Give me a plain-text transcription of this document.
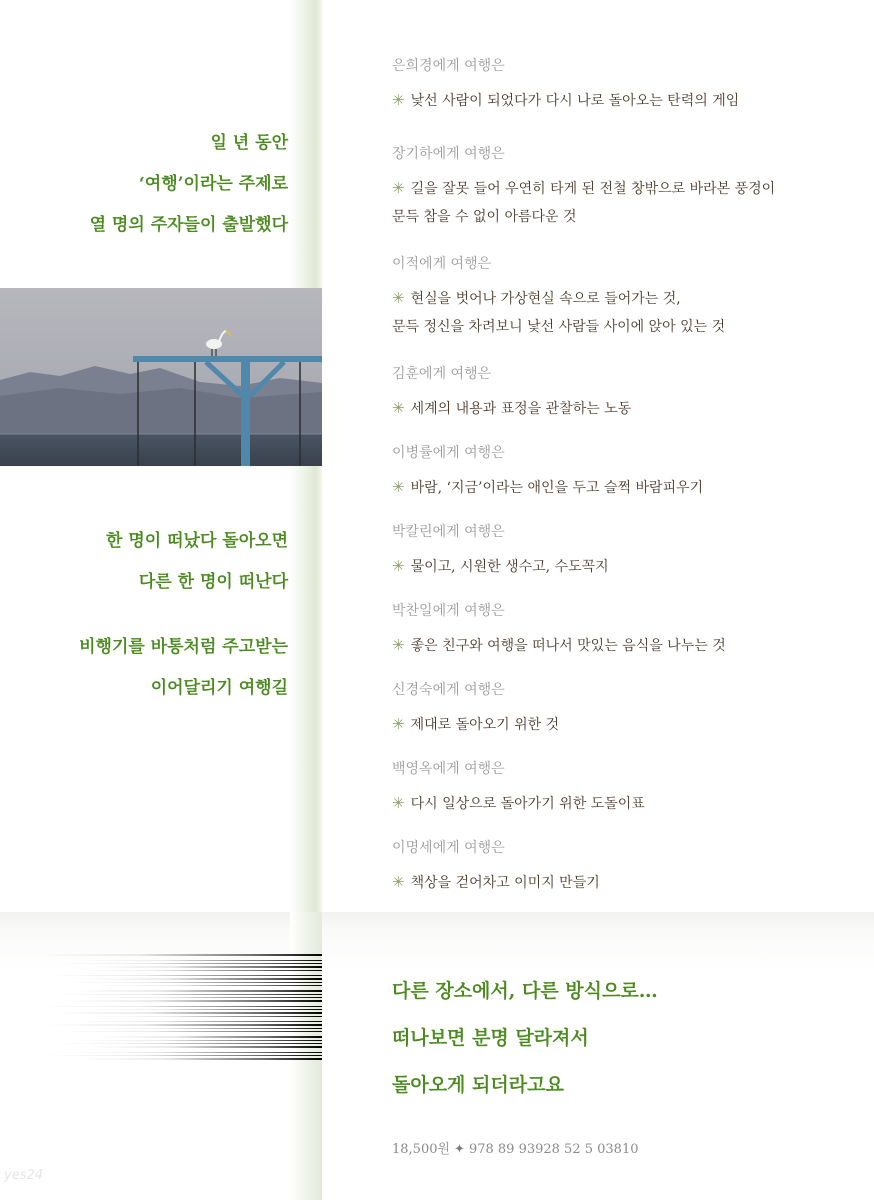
일 년 동안

‘여행’이라는 주제로

열 명의 주자들이 출발했다

한 명이 떠났다 돌아오면

다른 한 명이 떠난다

비행기를 바통처럼 주고받는

이어달리기 여행길

은희경에게 여행은
✳ 낯선 사람이 되었다가 다시 나로 돌아오는 탄력의 게임
장기하에게 여행은
✳ 길을 잘못 들어 우연히 타게 된 전철 창밖으로 바라본 풍경이
문득 참을 수 없이 아름다운 것
이적에게 여행은
✳ 현실을 벗어나 가상현실 속으로 들어가는 것,
문득 정신을 차려보니 낯선 사람들 사이에 앉아 있는 것
김훈에게 여행은
✳ 세계의 내용과 표정을 관찰하는 노동
이병률에게 여행은
✳ 바람, ‘지금’이라는 애인을 두고 슬쩍 바람피우기
박칼린에게 여행은
✳ 물이고, 시원한 생수고, 수도꼭지
박찬일에게 여행은
✳ 좋은 친구와 여행을 떠나서 맛있는 음식을 나누는 것
신경숙에게 여행은
✳ 제대로 돌아오기 위한 것
백영옥에게 여행은
✳ 다시 일상으로 돌아가기 위한 도돌이표
이명세에게 여행은
✳ 책상을 걷어차고 이미지 만들기

다른 장소에서, 다른 방식으로…

떠나보면 분명 달라져서

돌아오게 되더라고요

18,500원 ✦ 978 89 93928 52 5 03810
yes24
